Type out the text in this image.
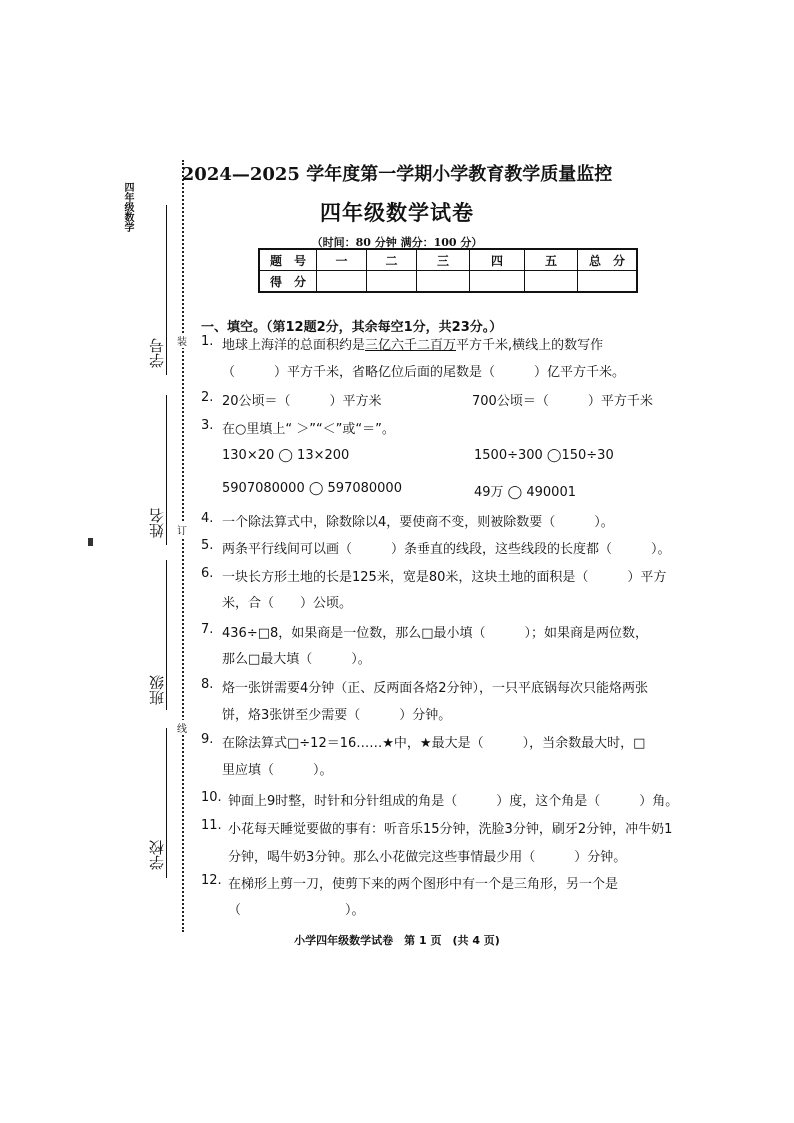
四年级数学
学号
姓名
班级
学校
装
订
线
2024—2025 学年度第一学期小学教育教学质量监控
四年级数学试卷
（时间：80 分钟 满分：100 分）
题　号	一	二	三	四	五	总　分
得　分						
一、填空。（第12题2分，其余每空1分，共23分。）
1. 地球上海洋的总面积约是三亿六千二百万平方千米,横线上的数写作
（　　　）平方千米，省略亿位后面的尾数是（　　　）亿平方千米。
2. 20公顷＝（　　　）平方米	700公顷＝（　　　）平方千米
3. 在○里填上“ ＞”“＜”或“＝”。
130×20 ◯ 13×200	1500÷300 ◯150÷30
5907080000 ◯ 597080000	49万 ◯ 490001
4. 一个除法算式中，除数除以4，要使商不变，则被除数要（　　　）。
5. 两条平行线间可以画（　　　）条垂直的线段，这些线段的长度都（　　　）。
6. 一块长方形土地的长是125米，宽是80米，这块土地的面积是（　　　）平方
米，合（　　）公顷。
7. 436÷□8，如果商是一位数，那么□最小填（　　　）；如果商是两位数，
那么□最大填（　　　）。
8. 烙一张饼需要4分钟（正、反两面各烙2分钟），一只平底锅每次只能烙两张
饼，烙3张饼至少需要（　　　）分钟。
9. 在除法算式□÷12＝16……★中，★最大是（　　　），当余数最大时，□
里应填（　　　）。
10. 钟面上9时整，时针和分针组成的角是（　　　）度，这个角是（　　　）角。
11. 小花每天睡觉要做的事有：听音乐15分钟，洗脸3分钟，刷牙2分钟，冲牛奶1
分钟，喝牛奶3分钟。那么小花做完这些事情最少用（　　　）分钟。
12. 在梯形上剪一刀，使剪下来的两个图形中有一个是三角形，另一个是
（　　　　　　　　）。
小学四年级数学试卷　第 1 页　(共 4 页)
